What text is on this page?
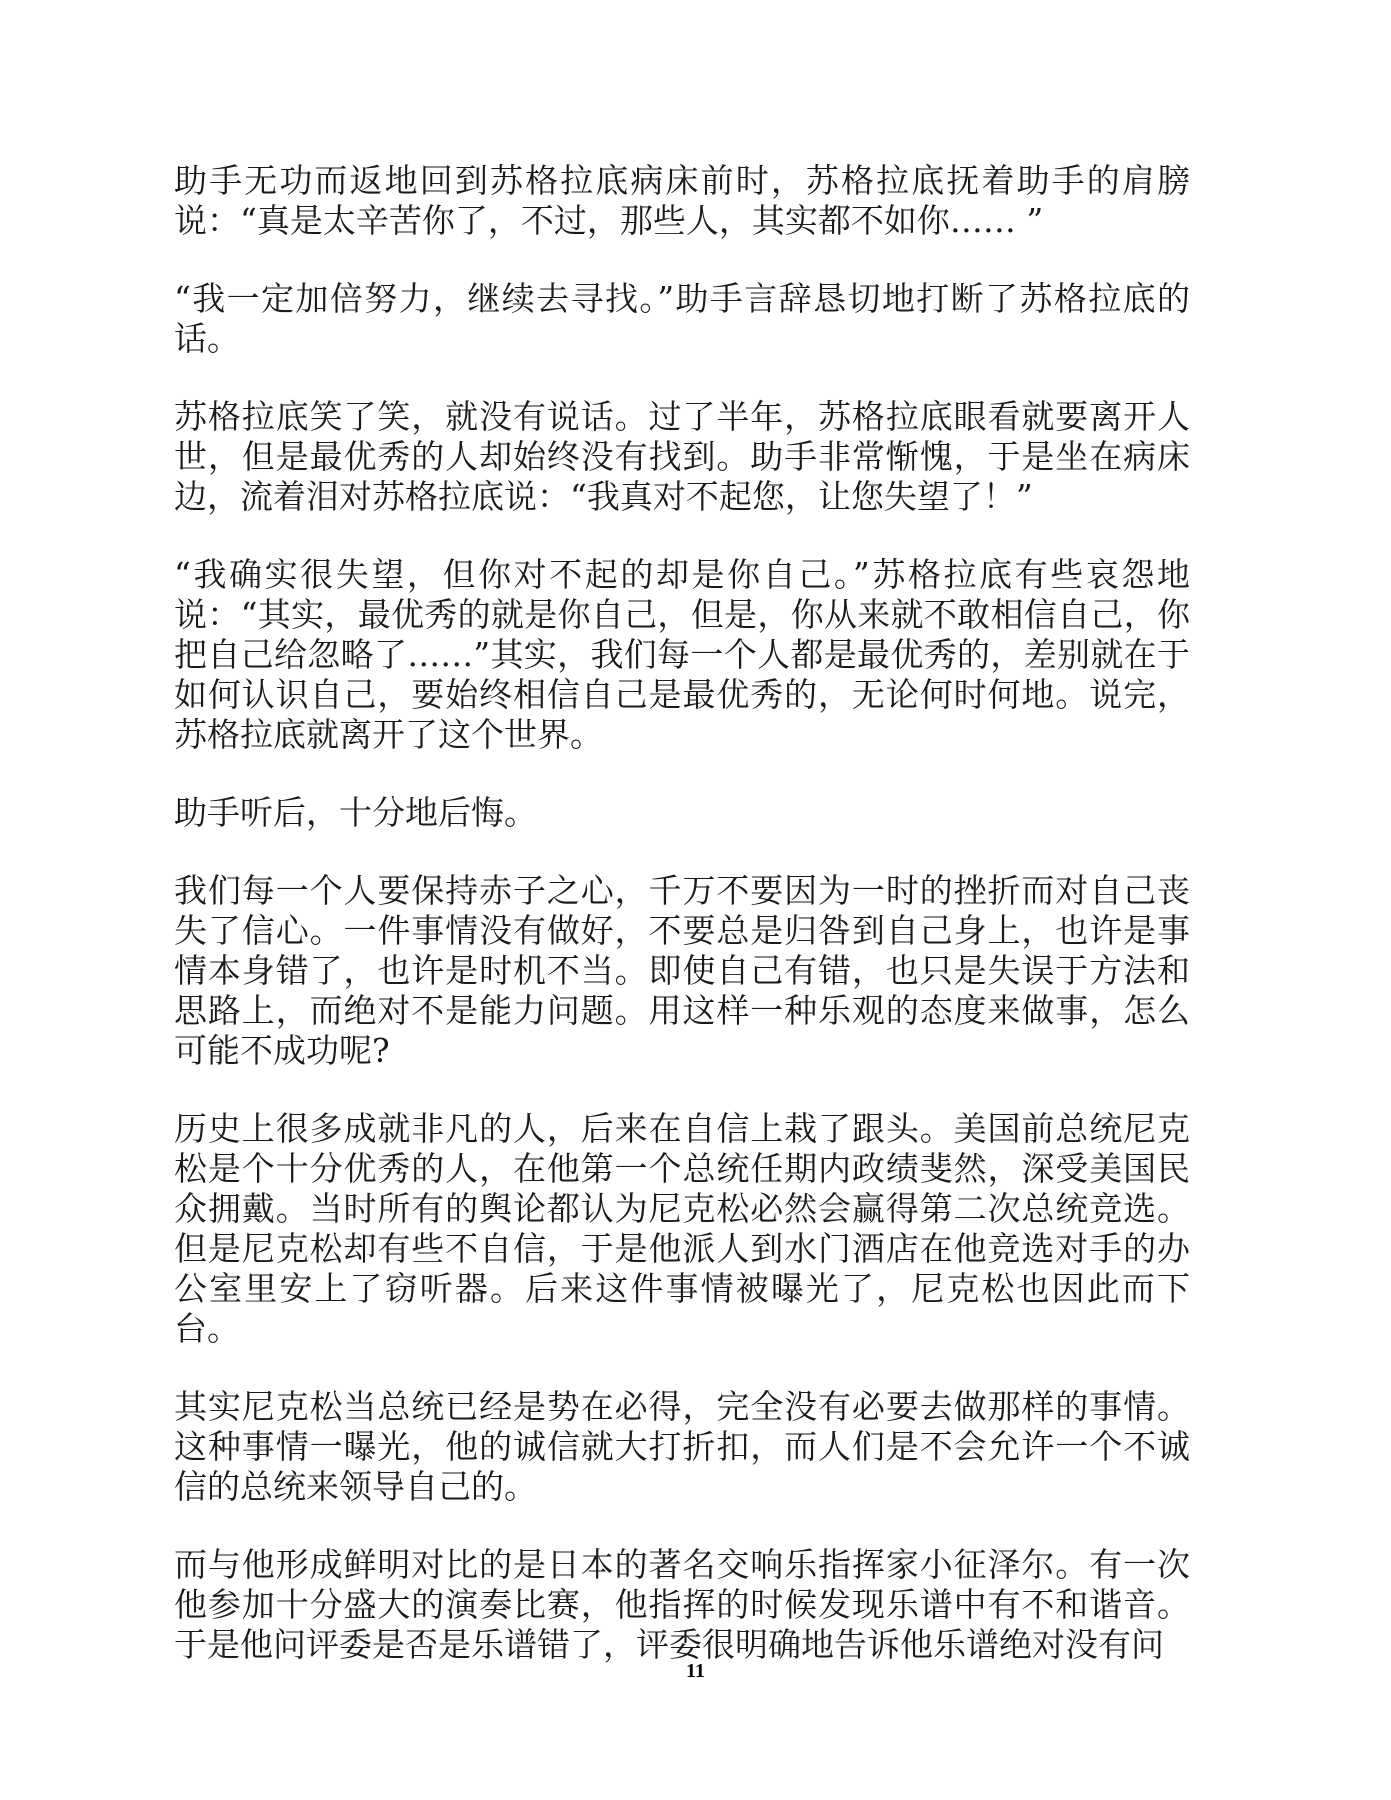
助手无功而返地回到苏格拉底病床前时，苏格拉底抚着助手的肩膀说：“真是太辛苦你了，不过，那些人，其实都不如你…… ”

“我一定加倍努力，继续去寻找。”助手言辞恳切地打断了苏格拉底的话。

苏格拉底笑了笑，就没有说话。过了半年，苏格拉底眼看就要离开人世，但是最优秀的人却始终没有找到。助手非常惭愧，于是坐在病床边，流着泪对苏格拉底说：“我真对不起您，让您失望了！”

“我确实很失望，但你对不起的却是你自己。”苏格拉底有些哀怨地说：“其实，最优秀的就是你自己，但是，你从来就不敢相信自己，你把自己给忽略了……”其实，我们每一个人都是最优秀的，差别就在于如何认识自己，要始终相信自己是最优秀的，无论何时何地。说完，苏格拉底就离开了这个世界。

助手听后，十分地后悔。

我们每一个人要保持赤子之心，千万不要因为一时的挫折而对自己丧失了信心。一件事情没有做好，不要总是归咎到自己身上，也许是事情本身错了，也许是时机不当。即使自己有错，也只是失误于方法和思路上，而绝对不是能力问题。用这样一种乐观的态度来做事，怎么可能不成功呢?

历史上很多成就非凡的人，后来在自信上栽了跟头。美国前总统尼克松是个十分优秀的人，在他第一个总统任期内政绩斐然，深受美国民众拥戴。当时所有的舆论都认为尼克松必然会赢得第二次总统竞选。但是尼克松却有些不自信，于是他派人到水门酒店在他竞选对手的办公室里安上了窃听器。后来这件事情被曝光了，尼克松也因此而下台。

其实尼克松当总统已经是势在必得，完全没有必要去做那样的事情。这种事情一曝光，他的诚信就大打折扣，而人们是不会允许一个不诚信的总统来领导自己的。

而与他形成鲜明对比的是日本的著名交响乐指挥家小征泽尔。有一次他参加十分盛大的演奏比赛，他指挥的时候发现乐谱中有不和谐音。于是他问评委是否是乐谱错了，评委很明确地告诉他乐谱绝对没有问

11
